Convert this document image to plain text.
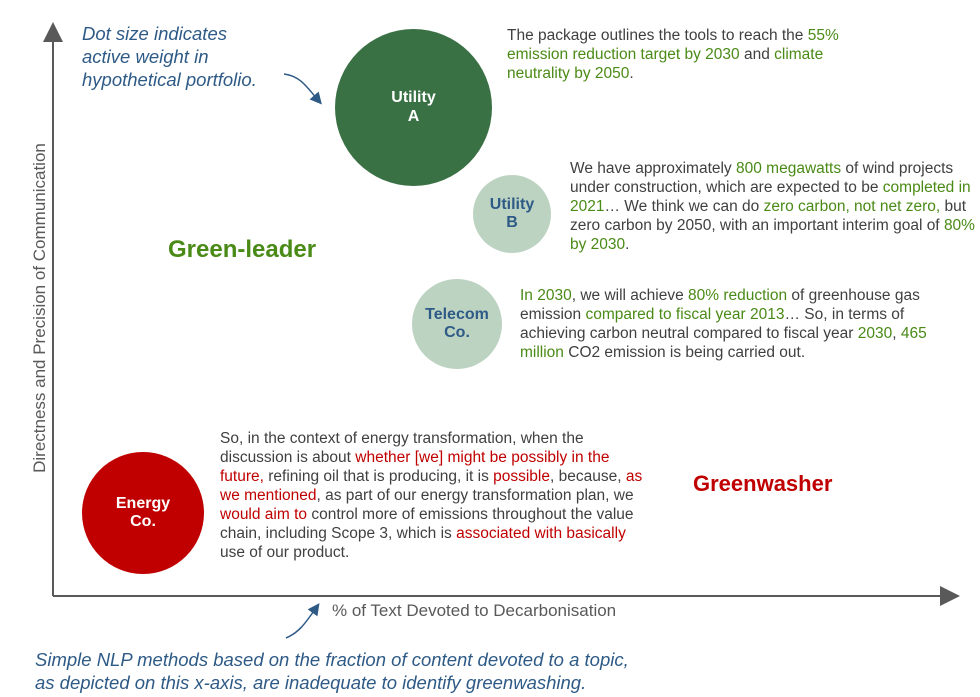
Directness and Precision of Communication
% of Text Devoted to Decarbonisation
Dot size indicates
active weight in
hypothetical portfolio.
Simple NLP methods based on the fraction of content devoted to a topic,
as depicted on this x-axis, are inadequate to identify greenwashing.
Green-leader
Greenwasher
Utility
A
Utility
B
Telecom
Co.
Energy
Co.
The package outlines the tools to reach the 55% emission reduction target by 2030 and climate neutrality by 2050.
We have approximately 800 megawatts of wind projects under construction, which are expected to be completed in 2021… We think we can do zero carbon, not net zero, but zero carbon by 2050, with an important interim goal of 80% by 2030.
In 2030, we will achieve 80% reduction of greenhouse gas emission compared to fiscal year 2013… So, in terms of achieving carbon neutral compared to fiscal year 2030, 465 million CO2 emission is being carried out.
So, in the context of energy transformation, when the discussion is about whether [we] might be possibly in the future, refining oil that is producing, it is possible, because, as we mentioned, as part of our energy transformation plan, we would aim to control more of emissions throughout the value chain, including Scope 3, which is associated with basically use of our product.
